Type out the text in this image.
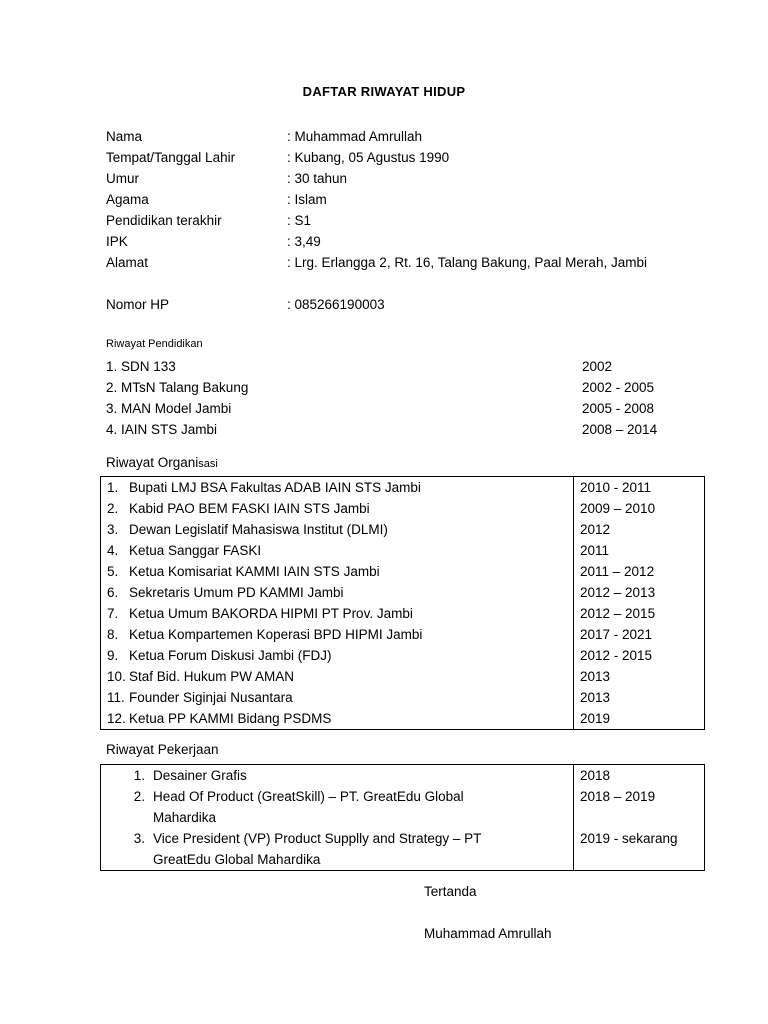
DAFTAR RIWAYAT HIDUP
Nama	: Muhammad Amrullah
Tempat/Tanggal Lahir	: Kubang, 05 Agustus 1990
Umur	: 30 tahun
Agama	: Islam
Pendidikan terakhir	: S1
IPK	: 3,49
Alamat	: Lrg. Erlangga 2, Rt. 16, Talang Bakung, Paal Merah, Jambi
Nomor HP	: 085266190003
Riwayat Pendidikan
1. SDN 133	2002
2. MTsN Talang Bakung	2002 - 2005
3. MAN Model Jambi	2005 - 2008
4. IAIN STS Jambi	2008 – 2014
Riwayat Organisasi
1. Bupati LMJ BSA Fakultas ADAB IAIN STS Jambi	2010 - 2011
2. Kabid PAO BEM FASKI IAIN STS Jambi	2009 – 2010
3. Dewan Legislatif Mahasiswa Institut (DLMI)	2012
4. Ketua Sanggar FASKI	2011
5. Ketua Komisariat KAMMI IAIN STS Jambi	2011 – 2012
6. Sekretaris Umum PD KAMMI Jambi	2012 – 2013
7. Ketua Umum BAKORDA HIPMI PT Prov. Jambi	2012 – 2015
8. Ketua Kompartemen Koperasi BPD HIPMI Jambi	2017 - 2021
9. Ketua Forum Diskusi Jambi (FDJ)	2012 - 2015
10. Staf Bid. Hukum PW AMAN	2013
11. Founder Siginjai Nusantara	2013
12. Ketua PP KAMMI Bidang PSDMS	2019
Riwayat Pekerjaan
1. Desainer Grafis	2018
2. Head Of Product (GreatSkill) – PT. GreatEdu Global
Mahardika	2018 – 2019
3. Vice President (VP) Product Supplly and Strategy – PT
GreatEdu Global Mahardika	2019 - sekarang
Tertanda
Muhammad Amrullah
